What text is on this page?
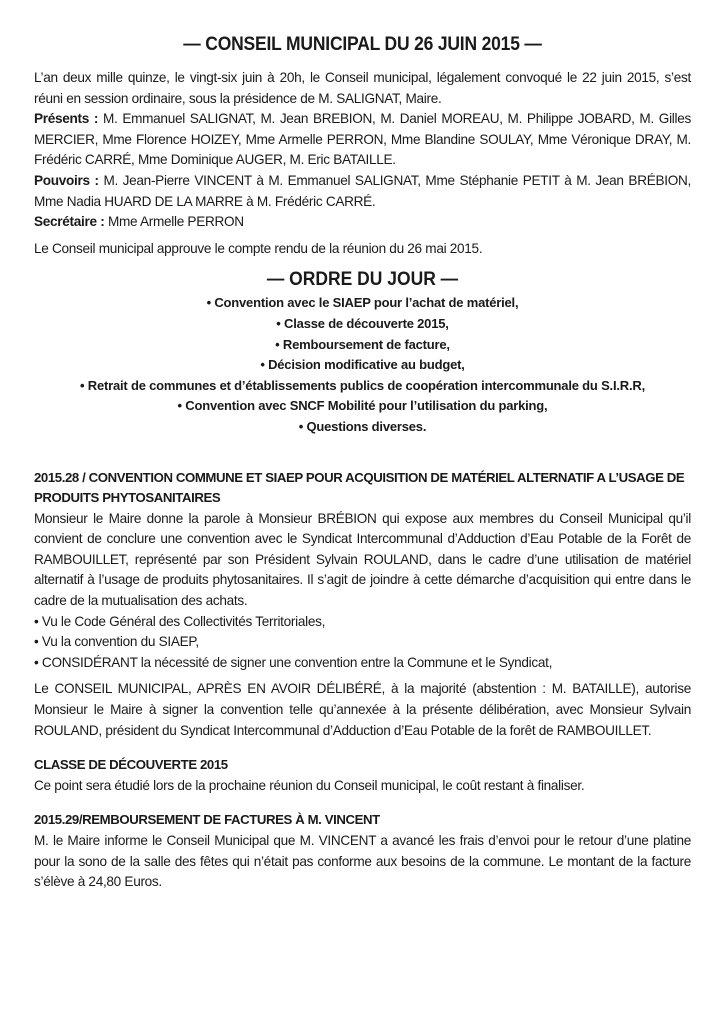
— CONSEIL MUNICIPAL DU 26 JUIN 2015 —

L’an deux mille quinze, le vingt-six juin à 20h, le Conseil municipal, légalement convoqué le 22 juin 2015, s’est réuni en session ordinaire, sous la présidence de M. SALIGNAT, Maire.

Présents : M. Emmanuel SALIGNAT, M. Jean BREBION, M. Daniel MOREAU, M. Philippe JOBARD, M. Gilles MERCIER, Mme Florence HOIZEY, Mme Armelle PERRON, Mme Blandine SOULAY, Mme Véronique DRAY, M. Frédéric CARRÉ, Mme Dominique AUGER, M. Eric BATAILLE.

Pouvoirs : M. Jean-Pierre VINCENT à M. Emmanuel SALIGNAT, Mme Stéphanie PETIT à M. Jean BRÉBION, Mme Nadia HUARD DE LA MARRE à M. Frédéric CARRÉ.

Secrétaire : Mme Armelle PERRON

Le Conseil municipal approuve le compte rendu de la réunion du 26 mai 2015.

— ORDRE DU JOUR —
• Convention avec le SIAEP pour l’achat de matériel,
• Classe de découverte 2015,
• Remboursement de facture,
• Décision modificative au budget,
• Retrait de communes et d’établissements publics de coopération intercommunale du S.I.R.R,
• Convention avec SNCF Mobilité pour l’utilisation du parking,
• Questions diverses.
2015.28 / CONVENTION COMMUNE ET SIAEP POUR ACQUISITION DE MATÉRIEL ALTERNATIF A L’USAGE DE PRODUITS PHYTOSANITAIRES

Monsieur le Maire donne la parole à Monsieur BRÉBION qui expose aux membres du Conseil Municipal qu’il convient de conclure une convention avec le Syndicat Intercommunal d’Adduction d’Eau Potable de la Forêt de RAMBOUILLET, représenté par son Président Sylvain ROULAND, dans le cadre d’une utilisation de matériel alternatif à l’usage de produits phytosanitaires. Il s’agit de joindre à cette démarche d’acquisition qui entre dans le cadre de la mutualisation des achats.

• Vu le Code Général des Collectivités Territoriales,
• Vu la convention du SIAEP,
• CONSIDÉRANT la nécessité de signer une convention entre la Commune et le Syndicat,

Le CONSEIL MUNICIPAL, APRÈS EN AVOIR DÉLIBÉRÉ, à la majorité (abstention : M. BATAILLE), autorise Monsieur le Maire à signer la convention telle qu’annexée à la présente délibération, avec Monsieur Sylvain ROULAND, président du Syndicat Intercommunal d’Adduction d’Eau Potable de la forêt de RAMBOUILLET.

CLASSE DE DÉCOUVERTE 2015

Ce point sera étudié lors de la prochaine réunion du Conseil municipal, le coût restant à finaliser.

2015.29/REMBOURSEMENT DE FACTURES À M. VINCENT

M. le Maire informe le Conseil Municipal que M. VINCENT a avancé les frais d’envoi pour le retour d’une platine pour la sono de la salle des fêtes qui n’était pas conforme aux besoins de la commune. Le montant de la facture s’élève à 24,80 Euros.
